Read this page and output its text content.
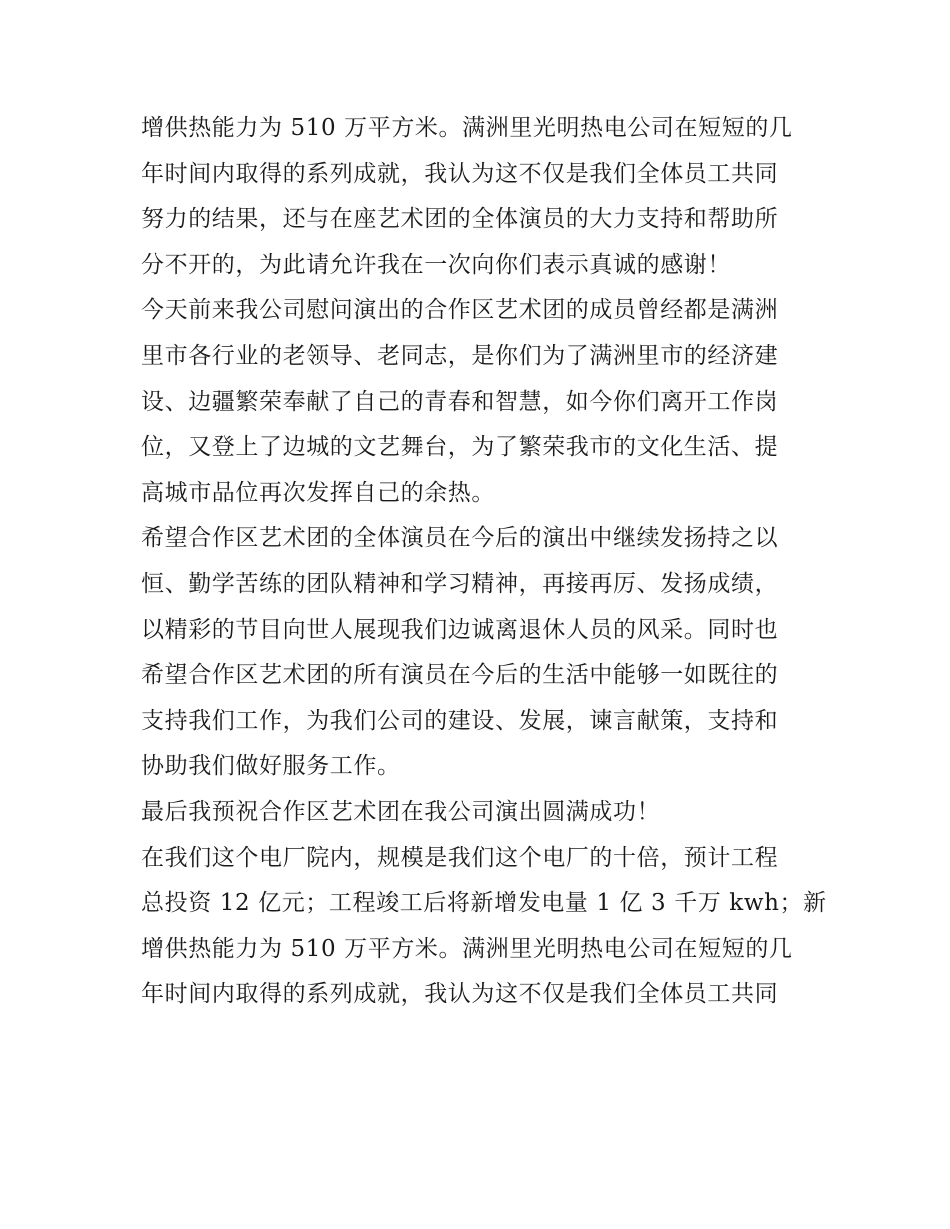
增供热能力为 510 万平方米。满洲里光明热电公司在短短的几
年时间内取得的系列成就，我认为这不仅是我们全体员工共同
努力的结果，还与在座艺术团的全体演员的大力支持和帮助所
分不开的，为此请允许我在一次向你们表示真诚的感谢！
今天前来我公司慰问演出的合作区艺术团的成员曾经都是满洲
里市各行业的老领导、老同志，是你们为了满洲里市的经济建
设、边疆繁荣奉献了自己的青春和智慧，如今你们离开工作岗
位，又登上了边城的文艺舞台，为了繁荣我市的文化生活、提
高城市品位再次发挥自己的余热。
希望合作区艺术团的全体演员在今后的演出中继续发扬持之以
恒、勤学苦练的团队精神和学习精神，再接再厉、发扬成绩，
以精彩的节目向世人展现我们边诚离退休人员的风采。同时也
希望合作区艺术团的所有演员在今后的生活中能够一如既往的
支持我们工作，为我们公司的建设、发展，谏言献策，支持和
协助我们做好服务工作。
最后我预祝合作区艺术团在我公司演出圆满成功！
在我们这个电厂院内，规模是我们这个电厂的十倍，预计工程
总投资 12 亿元；工程竣工后将新增发电量 1 亿 3 千万 kwh；新
增供热能力为 510 万平方米。满洲里光明热电公司在短短的几
年时间内取得的系列成就，我认为这不仅是我们全体员工共同
